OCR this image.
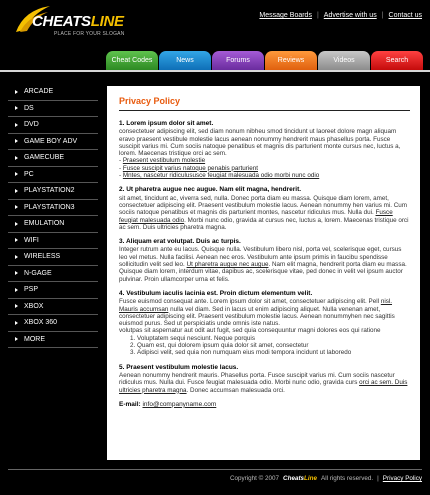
CHEATSLINE
PLACE FOR YOUR SLOGAN
Message Boards | Advertise with us | Contact us
Cheat Codes	News	Forums	Reviews	Videos	Search
ARCADE
DS
DVD
GAME BOY ADV
GAMECUBE
PC
PLAYSTATION2
PLAYSTATION3
EMULATION
WIFI
WIRELESS
N-GAGE
PSP
XBOX
XBOX 360
MORE
Privacy Policy
1. Lorem ipsum dolor sit amet.

consectetuer adipiscing elit, sed diam nonum nibheu smod tincidunt ut laoreet dolore magn aliquam eravo praesent vestibule molestie lacus aenean nonummy hendrerit maus phasellus porta. Fusce suscipit varius mi. Cum sociis natoque penatibus et magnis dis parturient monte cursus nec, luctus a, lorem. Maecenas tristique orci ac sem.

- Praesent vestibulum molestie
- Fusce suscipit varius natoque penabis parturient
- Mntes, nascetur ridiculususce feugiat malesuada odio morbi nunc odio
2. Ut pharetra augue nec augue. Nam elit magna, hendrerit.

sit amet, tincidunt ac, viverra sed, nulla. Donec porta diam eu massa. Quisque diam lorem, amet, consectetuer adipiscing elit. Praesent vestibulum molestie lacus. Aenean nonummy hen varius mi. Cum sociis natoque penatibus et magnis dis parturient montes, nascetur ridiculus mus. Nulla dui. Fusce feugiat malesuada odio. Morbi nunc odio, gravida at cursus nec, luctus a, lorem. Maecenas tristique orci ac sem. Duis ultricies pharetra magna.

3. Aliquam erat volutpat. Duis ac turpis.

Integer rutrum ante eu lacus. Quisque nulla. Vestibulum libero nisl, porta vel, scelerisque eget, cursus leo vel metus. Nulla facilisi. Aenean nec eros. Vestibulum ante ipsum primis in faucibu spendisse sollicitudin velit sed leo. Ut pharetra augue nec augue. Nam elit magna, hendrerit porta diam eu massa. Quisque diam lorem, interdum vitae, dapibus ac, scelerisque vitae, ped donec in velit vel ipsum auctor pulvinar. Proin ullamcorper urna et felis.

4. Vestibulum iaculis lacinia est. Proin dictum elementum velit.

Fusce euismod consequat ante. Lorem ipsum dolor sit amet, consectetuer adipiscing elit. Pell nisl. Mauris accumsan nulla vel diam. Sed in lacus ut enim adipiscing aliquet. Nulla venenan amet, consectetuer adipiscing elit. Praesent vestibulum molestie lacus. Aenean nonummyhen nec sagittis euismod purus. Sed ut perspiciatis unde omnis iste natus.

volutpas sit aspernatur aut odit aut fugit, sed quia consequuntur magni dolores eos qui ratione

1. Voluptatem sequi nesciunt. Neque porquis
2. Quam est, qui dolorem ipsum quia dolor sit amet, consectetur
3. Adipisci velit, sed quia non numquam eius modi tempora incidunt ut laboredo
5. Praesent vestibulum molestie lacus.

Aenean nonummy hendrerit mauris. Phasellus porta. Fusce suscipit varius mi. Cum sociis nascetur ridiculus mus. Nulla dui. Fusce feugiat malesuada odio. Morbi nunc odio, gravida curs orci ac sem. Duis ultricies pharetra magna. Donec accumsan malesuada orci.

E-mail: info@companyname.com
Copyright © 2007 CheatsLine All rights reserved. | Privacy Policy
